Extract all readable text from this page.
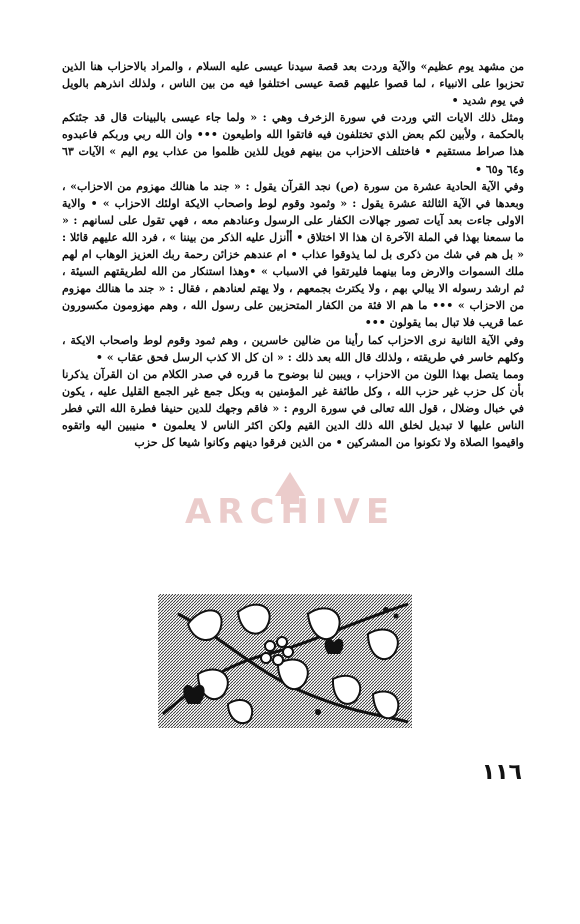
من مشهد يوم عظيم» والآية وردت بعد قصة سيدنا عيسى عليه السلام ، والمراد بالاحزاب هنا الذين تحزبوا على الانبياء ، لما قصوا عليهم قصة عيسى اختلفوا فيه من بين الناس ، ولذلك انذرهم بالويل في يوم شديد •

ومثل ذلك الايات التي وردت في سورة الزخرف وهي : « ولما جاء عيسى بالبينات قال قد جئتكم بالحكمة ، ولأبين لكم بعض الذي تختلفون فيه فاتقوا الله واطيعون ••• وان الله ربي وربكم فاعبدوه هذا صراط مستقيم • فاختلف الاحزاب من بينهم فويل للذين ظلموا من عذاب يوم اليم » الآيات ٦٣ و٦٤ و٦٥ •

وفي الآية الحادية عشرة من سورة (ص) نجد القرآن يقول : « جند ما هنالك مهزوم من الاحزاب» ، وبعدها في الآية الثالثة عشرة يقول : « وثمود وقوم لوط واصحاب الايكة اولئك الاحزاب » • والاية الاولى جاءت بعد آيات تصور جهالات الكفار على الرسول وعنادهم معه ، فهي تقول على لسانهم : « ما سمعنا بهذا في الملة الآخرة ان هذا الا اختلاق • أأنزل عليه الذكر من بيننا » ، فرد الله عليهم قائلا : « بل هم في شك من ذكرى بل لما يذوقوا عذاب • ام عندهم خزائن رحمة ربك العزيز الوهاب ام لهم ملك السموات والارض وما بينهما فليرتقوا في الاسباب » •وهذا استنكار من الله لطريقتهم السيئة ، ثم ارشد رسوله الا يبالي بهم ، ولا يكترث بجمعهم ، ولا يهتم لعنادهم ، فقال : « جند ما هنالك مهزوم من الاحزاب » ••• ما هم الا فئة من الكفار المتحزبين على رسول الله ، وهم مهزومون مكسورون عما قريب فلا تبال بما يقولون •••

وفي الآية الثانية نرى الاحزاب كما رأينا من ضالين خاسرين ، وهم ثمود وقوم لوط واصحاب الايكة ، وكلهم خاسر في طريقته ، ولذلك قال الله بعد ذلك : « ان كل الا كذب الرسل فحق عقاب » •

ومما يتصل بهذا اللون من الاحزاب ، ويبين لنا بوضوح ما قرره في صدر الكلام من ان القرآن يذكرنا بأن كل حزب غير حزب الله ، وكل طائفة غير المؤمنين به وبكل جمع غير الجمع القليل عليه ، يكون في خبال وضلال ، قول الله تعالى في سورة الروم : « فاقم وجهك للدين حنيفا فطرة الله التي فطر الناس عليها لا تبديل لخلق الله ذلك الدين القيم ولكن اكثر الناس لا يعلمون • منيبين اليه واتقوه واقيموا الصلاة ولا تكونوا من المشركين • من الذين فرقوا دينهم وكانوا شيعا كل حزب

ARCHIVE
١١٦
